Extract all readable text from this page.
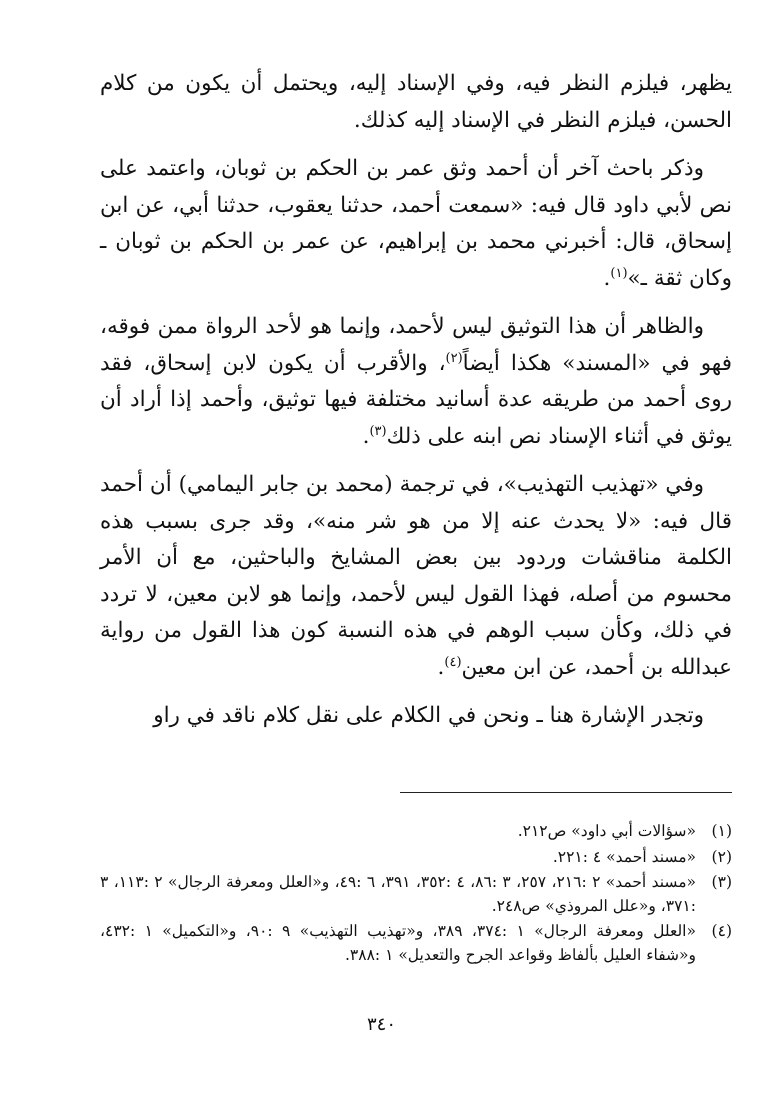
يظهر، فيلزم النظر فيه، وفي الإسناد إليه، ويحتمل أن يكون من كلام الحسن، فيلزم النظر في الإسناد إليه كذلك.

وذكر باحث آخر أن أحمد وثق عمر بن الحكم بن ثوبان، واعتمد على نص لأبي داود قال فيه: «سمعت أحمد، حدثنا يعقوب، حدثنا أبي، عن ابن إسحاق، قال: أخبرني محمد بن إبراهيم، عن عمر بن الحكم بن ثوبان ـ وكان ثقة ـ»$^{(١)}$.

والظاهر أن هذا التوثيق ليس لأحمد، وإنما هو لأحد الرواة ممن فوقه، فهو في «المسند» هكذا أيضاً$^{(٢)}$، والأقرب أن يكون لابن إسحاق، فقد روى أحمد من طريقه عدة أسانيد مختلفة فيها توثيق، وأحمد إذا أراد أن يوثق في أثناء الإسناد نص ابنه على ذلك$^{(٣)}$.

وفي «تهذيب التهذيب»، في ترجمة (محمد بن جابر اليمامي) أن أحمد قال فيه: «لا يحدث عنه إلا من هو شر منه»، وقد جرى بسبب هذه الكلمة مناقشات وردود بين بعض المشايخ والباحثين، مع أن الأمر محسوم من أصله، فهذا القول ليس لأحمد، وإنما هو لابن معين، لا تردد في ذلك، وكأن سبب الوهم في هذه النسبة كون هذا القول من رواية عبدالله بن أحمد، عن ابن معين$^{(٤)}$.

وتجدر الإشارة هنا ـ ونحن في الكلام على نقل كلام ناقد في راو

(١)
«سؤالات أبي داود» ص٢١٢.
(٢)
«مسند أحمد» ٤ :٢٢١.
(٣)
«مسند أحمد» ٢ :٢١٦، ٢٥٧، ٣ :٨٦، ٤ :٣٥٢، ٣٩١، ٦ :٤٩، و«العلل ومعرفة الرجال» ٢ :١١٣، ٣ :٣٧١، و«علل المروذي» ص٢٤٨.
(٤)
«العلل ومعرفة الرجال» ١ :٣٧٤، ٣٨٩، و«تهذيب التهذيب» ٩ :٩٠، و«التكميل» ١ :٤٣٢، و«شفاء العليل بألفاظ وقواعد الجرح والتعديل» ١ :٣٨٨.
٣٤٠
